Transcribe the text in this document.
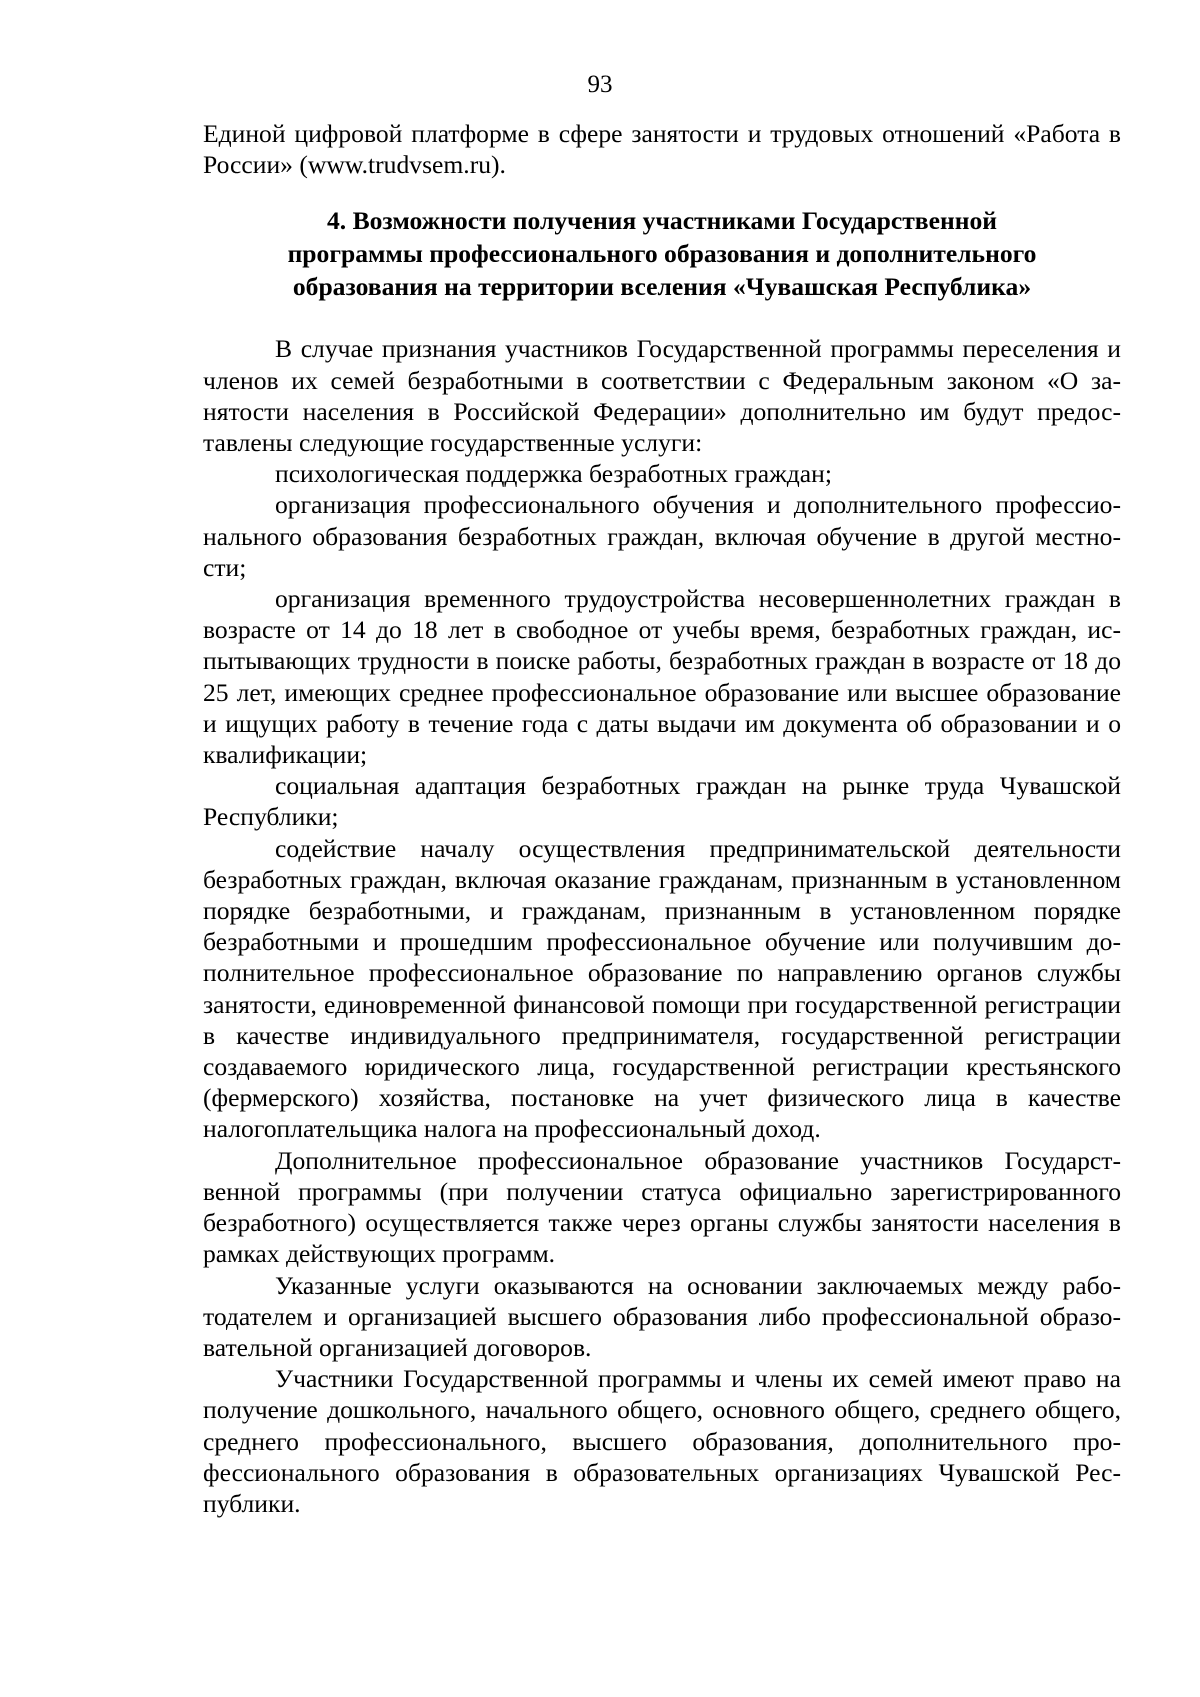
93

Единой цифровой платформе в сфере занятости и трудовых отношений «Работа в России» (www.trudvsem.ru).

4. Возможности получения участниками Государственной программы профессионального образования и дополнительного образования на территории вселения «Чувашская Республика»

В случае признания участников Государственной программы переселения и членов их семей безработными в соответствии с Федеральным законом «О занятости населения в Российской Федерации» дополнительно им будут предоставлены следующие государственные услуги:

психологическая поддержка безработных граждан;

организация профессионального обучения и дополнительного профессионального образования безработных граждан, включая обучение в другой местности;

организация временного трудоустройства несовершеннолетних граждан в возрасте от 14 до 18 лет в свободное от учебы время, безработных граждан, испытывающих трудности в поиске работы, безработных граждан в возрасте от 18 до 25 лет, имеющих среднее профессиональное образование или высшее образование и ищущих работу в течение года с даты выдачи им документа об образовании и о квалификации;

социальная адаптация безработных граждан на рынке труда Чувашской Республики;

содействие началу осуществления предпринимательской деятельности безработных граждан, включая оказание гражданам, признанным в установленном порядке безработными, и гражданам, признанным в установленном порядке безработными и прошедшим профессиональное обучение или получившим дополнительное профессиональное образование по направлению органов службы занятости, единовременной финансовой помощи при государственной регистрации в качестве индивидуального предпринимателя, государственной регистрации создаваемого юридического лица, государственной регистрации крестьянского (фермерского) хозяйства, постановке на учет физического лица в качестве налогоплательщика налога на профессиональный доход.

Дополнительное профессиональное образование участников Государственной программы (при получении статуса официально зарегистрированного безработного) осуществляется также через органы службы занятости населения в рамках действующих программ.

Указанные услуги оказываются на основании заключаемых между работодателем и организацией высшего образования либо профессиональной образовательной организацией договоров.

Участники Государственной программы и члены их семей имеют право на получение дошкольного, начального общего, основного общего, среднего общего, среднего профессионального, высшего образования, дополнительного профессионального образования в образовательных организациях Чувашской Республики.
